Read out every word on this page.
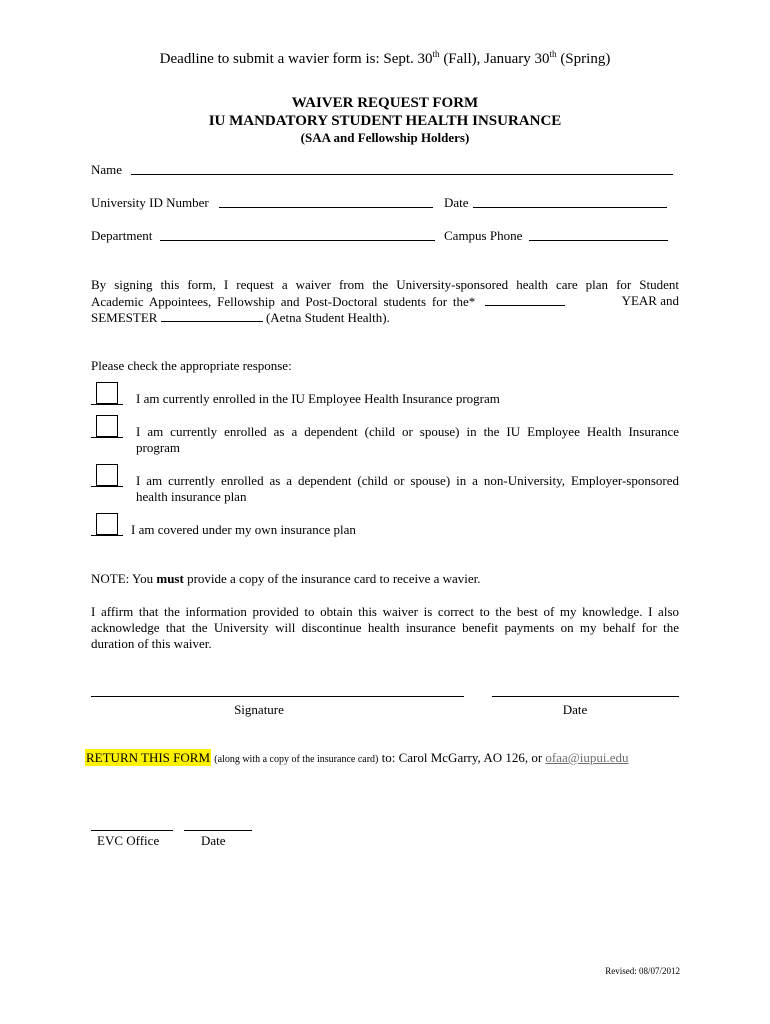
Deadline to submit a wavier form is: Sept. 30th (Fall), January 30th (Spring)
WAIVER REQUEST FORM
IU MANDATORY STUDENT HEALTH INSURANCE
(SAA and Fellowship Holders)
Name
University ID Number	Date
Department	Campus Phone
By signing this form, I request a waiver from the University-sponsored health care plan for Student
Academic Appointees, Fellowship and Post-Doctoral students for the*	YEAR and
SEMESTER	(Aetna Student Health).
Please check the appropriate response:
I am currently enrolled in the IU Employee Health Insurance program
I am currently enrolled as a dependent (child or spouse) in the IU Employee Health Insurance
program
I am currently enrolled as a dependent (child or spouse) in a non-University, Employer-sponsored
health insurance plan
I am covered under my own insurance plan
NOTE: You must provide a copy of the insurance card to receive a wavier.
I affirm that the information provided to obtain this waiver is correct to the best of my knowledge. I also
acknowledge that the University will discontinue health insurance benefit payments on my behalf for the
duration of this waiver.
Signature	Date
RETURN THIS FORM (along with a copy of the insurance card) to: Carol McGarry, AO 126, or ofaa@iupui.edu
EVC Office	Date
Revised: 08/07/2012
